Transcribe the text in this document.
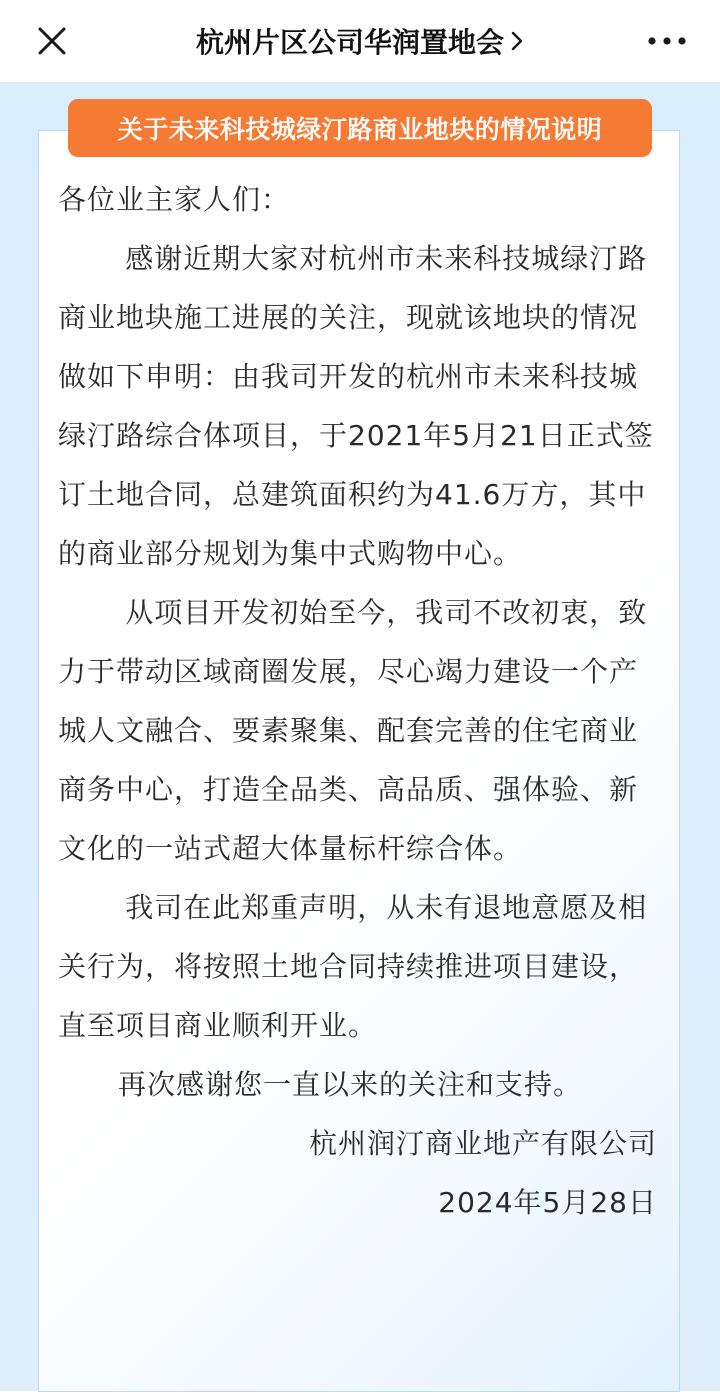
杭州片区公司华润置地会
关于未来科技城绿汀路商业地块的情况说明

各位业主家人们：

感谢近期大家对杭州市未来科技城绿汀路商业地块施工进展的关注，现就该地块的情况做如下申明：由我司开发的杭州市未来科技城绿汀路综合体项目，于2021年5月21日正式签订土地合同，总建筑面积约为41.6万方，其中的商业部分规划为集中式购物中心。

从项目开发初始至今，我司不改初衷，致力于带动区域商圈发展，尽心竭力建设一个产城人文融合、要素聚集、配套完善的住宅商业商务中心，打造全品类、高品质、强体验、新文化的一站式超大体量标杆综合体。

我司在此郑重声明，从未有退地意愿及相关行为，将按照土地合同持续推进项目建设，直至项目商业顺利开业。

再次感谢您一直以来的关注和支持。

杭州润汀商业地产有限公司

2024年5月28日
